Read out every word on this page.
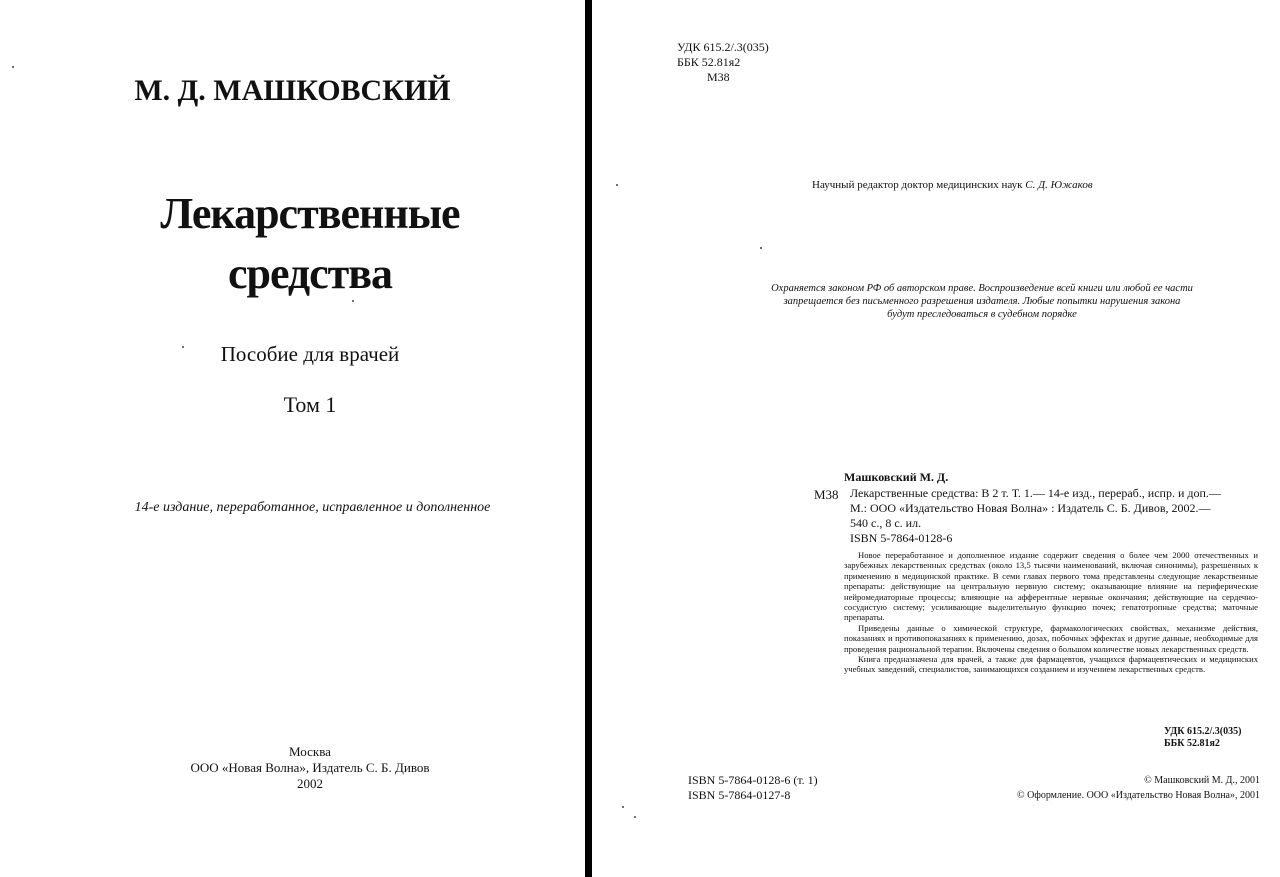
М. Д. МАШКОВСКИЙ
Лекарственные
средства
Пособие для врачей
Том 1
14-е издание, переработанное, исправленное и дополненное
Москва
ООО «Новая Волна», Издатель С. Б. Дивов
2002
УДК 615.2/.3(035)
ББК 52.81я2
М38
Научный редактор доктор медицинских наук С. Д. Южаков
Охраняется законом РФ об авторском праве. Воспроизведение всей книги или любой ее части
запрещается без письменного разрешения издателя. Любые попытки нарушения закона
будут преследоваться в судебном порядке
Машковский М. Д.
М38 Лекарственные средства: В 2 т. Т. 1.— 14-е изд., перераб., испр. и доп.—
М.: ООО «Издательство Новая Волна» : Издатель С. Б. Дивов, 2002.—
540 с., 8 с. ил.
ISBN 5-7864-0128-6

Новое переработанное и дополненное издание содержит сведения о более чем 2000 отечественных и зарубежных лекарственных средствах (около 13,5 тысячи наименований, включая синонимы), разрешенных к применению в медицинской практике. В семи главах первого тома представлены следующие лекарственные препараты: действующие на центральную нервную систему; оказывающие влияние на периферические нейромедиаторные процессы; влияющие на афферентные нервные окончания; действующие на сердечно-сосудистую систему; усиливающие выделительную функцию почек; гепатотропные средства; маточные препараты.

Приведены данные о химической структуре, фармакологических свойствах, механизме действия, показаниях и противопоказаниях к применению, дозах, побочных эффектах и другие данные, необходимые для проведения рациональной терапии. Включены сведения о большом количестве новых лекарственных средств.

Книга предназначена для врачей, а также для фармацевтов, учащихся фармацевтических и медицинских учебных заведений, специалистов, занимающихся созданием и изучением лекарственных средств.

УДК 615.2/.3(035)
ББК 52.81я2
ISBN 5-7864-0128-6 (т. 1)
ISBN 5-7864-0127-8
© Машковский М. Д., 2001
© Оформление. ООО «Издательство Новая Волна», 2001
